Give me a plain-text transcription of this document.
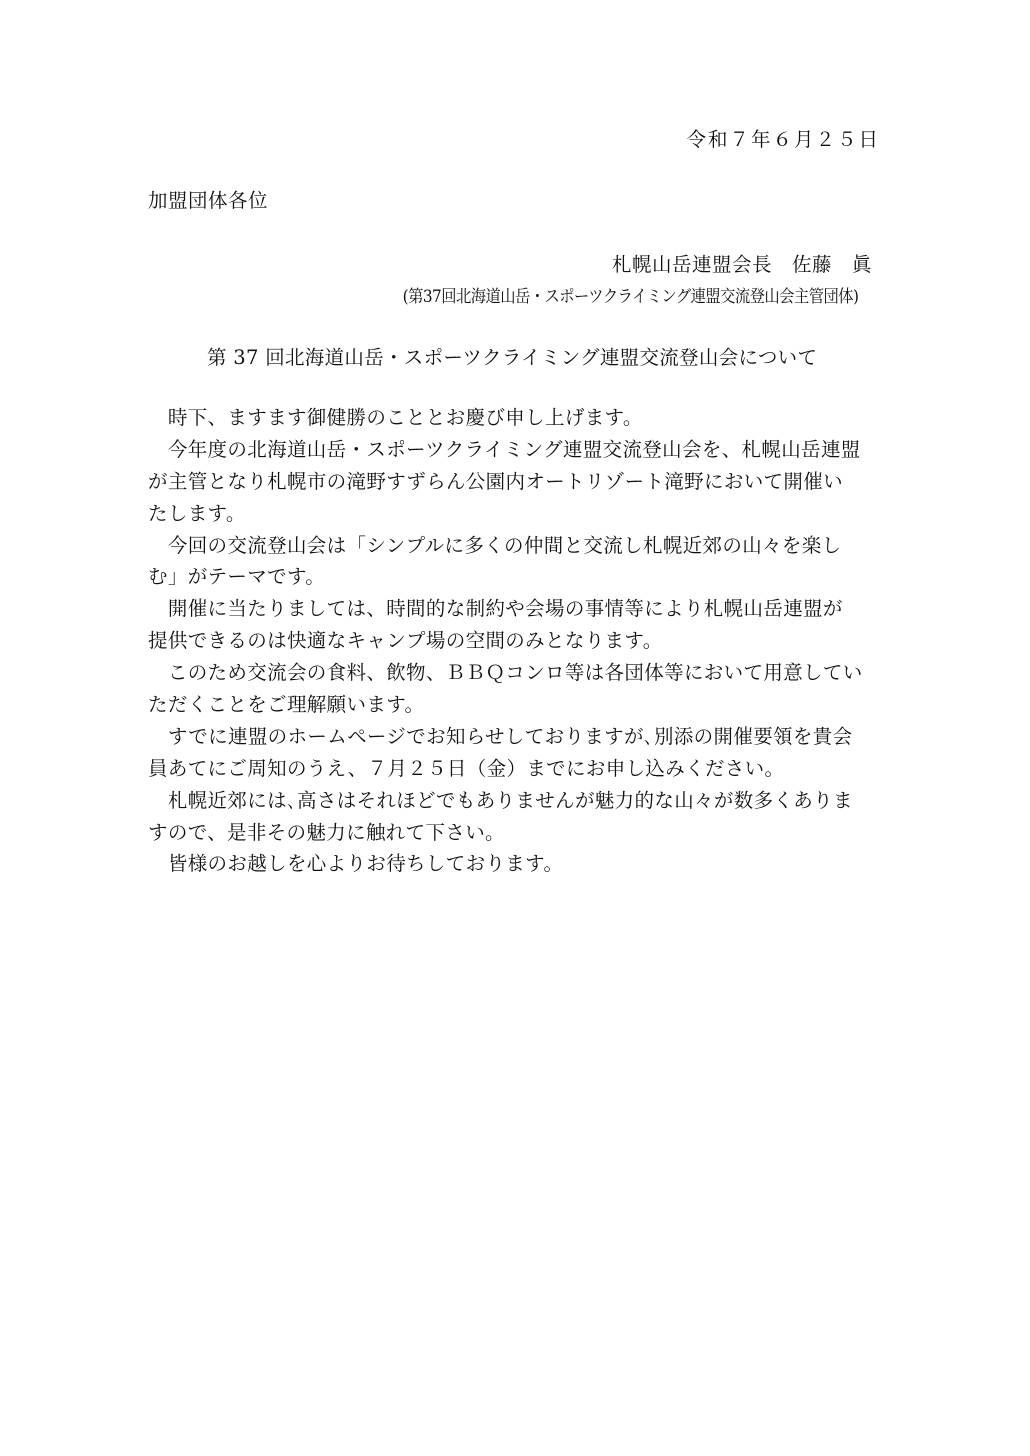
令和７年６月２５日
加盟団体各位
札幌山岳連盟会長　佐藤　眞
(第37回北海道山岳・スポーツクライミング連盟交流登山会主管団体)
第 37 回北海道山岳・スポーツクライミング連盟交流登山会について
　時下、ますます御健勝のこととお慶び申し上げます。
　今年度の北海道山岳・スポーツクライミング連盟交流登山会を、札幌山岳連盟
が主管となり札幌市の滝野すずらん公園内オートリゾート滝野において開催い
たします。
　今回の交流登山会は「シンプルに多くの仲間と交流し札幌近郊の山々を楽し
む」がテーマです。
　開催に当たりましては、時間的な制約や会場の事情等により札幌山岳連盟が
提供できるのは快適なキャンプ場の空間のみとなります。
　このため交流会の食料、飲物、ＢＢＱコンロ等は各団体等において用意してい
ただくことをご理解願います。
　すでに連盟のホームページでお知らせしておりますが､別添の開催要領を貴会
員あてにご周知のうえ、７月２５日（金）までにお申し込みください。
　札幌近郊には､高さはそれほどでもありませんが魅力的な山々が数多くありま
すので、是非その魅力に触れて下さい。
　皆様のお越しを心よりお待ちしております。
